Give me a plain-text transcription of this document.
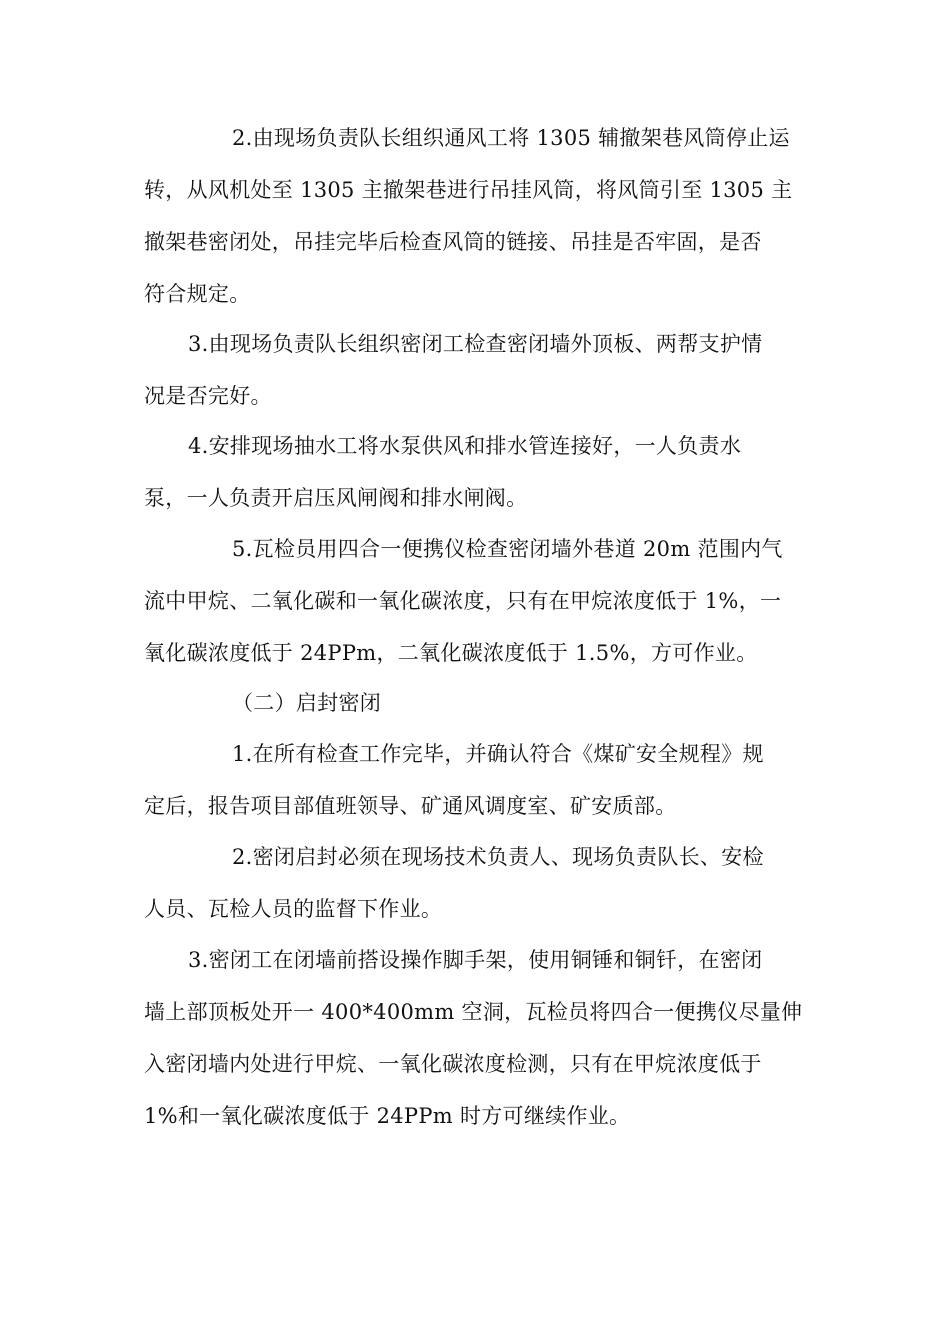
2.由现场负责队长组织通风工将 1305 辅撤架巷风筒停止运
转，从风机处至 1305 主撤架巷进行吊挂风筒，将风筒引至 1305 主
撤架巷密闭处，吊挂完毕后检查风筒的链接、吊挂是否牢固，是否
符合规定。
3.由现场负责队长组织密闭工检查密闭墙外顶板、两帮支护情
况是否完好。
4.安排现场抽水工将水泵供风和排水管连接好，一人负责水
泵，一人负责开启压风闸阀和排水闸阀。
5.瓦检员用四合一便携仪检查密闭墙外巷道 20m 范围内气
流中甲烷、二氧化碳和一氧化碳浓度，只有在甲烷浓度低于 1%，一
氧化碳浓度低于 24PPm，二氧化碳浓度低于 1.5%，方可作业。
（二）启封密闭
1.在所有检查工作完毕，并确认符合《煤矿安全规程》规
定后，报告项目部值班领导、矿通风调度室、矿安质部。
2.密闭启封必须在现场技术负责人、现场负责队长、安检
人员、瓦检人员的监督下作业。
3.密闭工在闭墙前搭设操作脚手架，使用铜锤和铜钎，在密闭
墙上部顶板处开一 400*400mm 空洞，瓦检员将四合一便携仪尽量伸
入密闭墙内处进行甲烷、一氧化碳浓度检测，只有在甲烷浓度低于
1%和一氧化碳浓度低于 24PPm 时方可继续作业。
